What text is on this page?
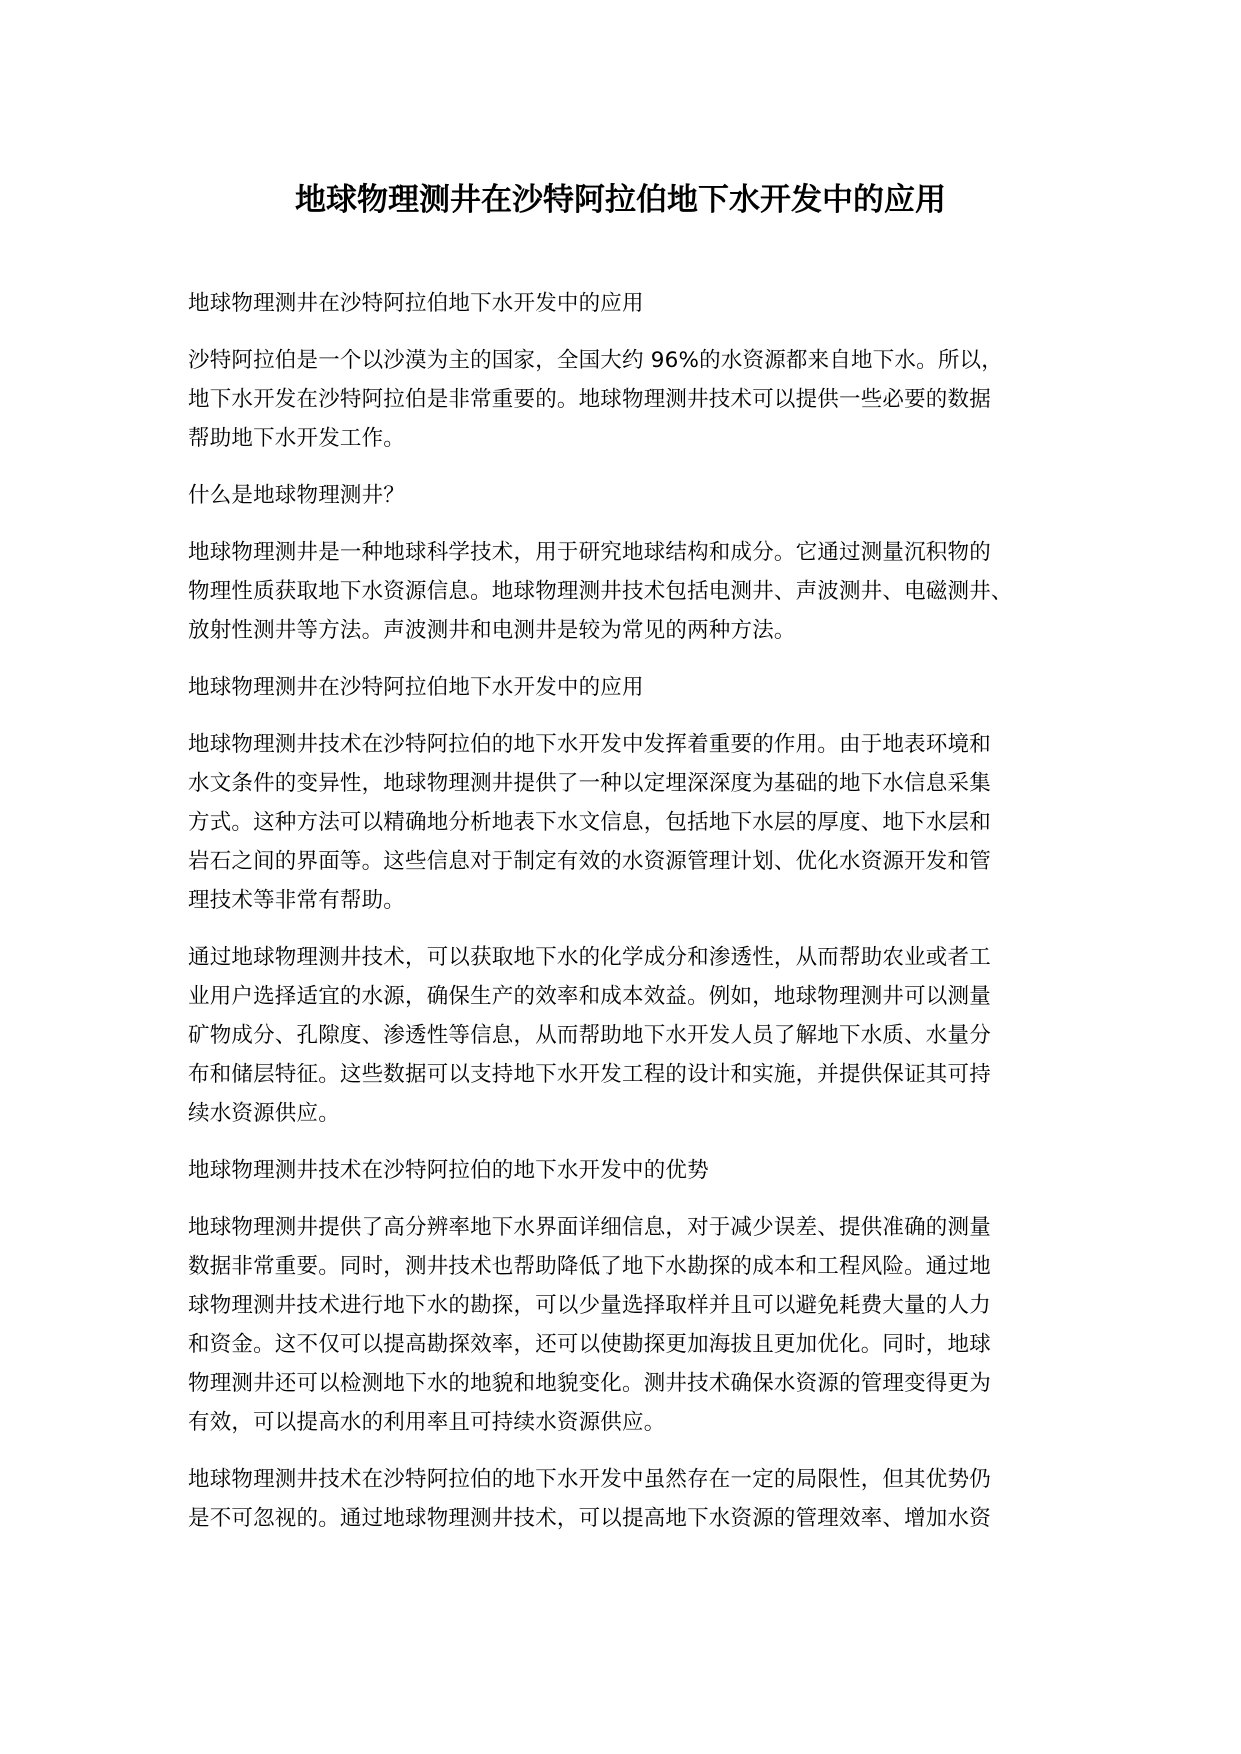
地球物理测井在沙特阿拉伯地下水开发中的应用

地球物理测井在沙特阿拉伯地下水开发中的应用

沙特阿拉伯是一个以沙漠为主的国家，全国大约 96%的水资源都来自地下水。所以，
地下水开发在沙特阿拉伯是非常重要的。地球物理测井技术可以提供一些必要的数据
帮助地下水开发工作。

什么是地球物理测井？

地球物理测井是一种地球科学技术，用于研究地球结构和成分。它通过测量沉积物的
物理性质获取地下水资源信息。地球物理测井技术包括电测井、声波测井、电磁测井、
放射性测井等方法。声波测井和电测井是较为常见的两种方法。

地球物理测井在沙特阿拉伯地下水开发中的应用

地球物理测井技术在沙特阿拉伯的地下水开发中发挥着重要的作用。由于地表环境和
水文条件的变异性，地球物理测井提供了一种以定埋深深度为基础的地下水信息采集
方式。这种方法可以精确地分析地表下水文信息，包括地下水层的厚度、地下水层和
岩石之间的界面等。这些信息对于制定有效的水资源管理计划、优化水资源开发和管
理技术等非常有帮助。

通过地球物理测井技术，可以获取地下水的化学成分和渗透性，从而帮助农业或者工
业用户选择适宜的水源，确保生产的效率和成本效益。例如，地球物理测井可以测量
矿物成分、孔隙度、渗透性等信息，从而帮助地下水开发人员了解地下水质、水量分
布和储层特征。这些数据可以支持地下水开发工程的设计和实施，并提供保证其可持
续水资源供应。

地球物理测井技术在沙特阿拉伯的地下水开发中的优势

地球物理测井提供了高分辨率地下水界面详细信息，对于减少误差、提供准确的测量
数据非常重要。同时，测井技术也帮助降低了地下水勘探的成本和工程风险。通过地
球物理测井技术进行地下水的勘探，可以少量选择取样并且可以避免耗费大量的人力
和资金。这不仅可以提高勘探效率，还可以使勘探更加海拔且更加优化。同时，地球
物理测井还可以检测地下水的地貌和地貌变化。测井技术确保水资源的管理变得更为
有效，可以提高水的利用率且可持续水资源供应。

地球物理测井技术在沙特阿拉伯的地下水开发中虽然存在一定的局限性，但其优势仍
是不可忽视的。通过地球物理测井技术，可以提高地下水资源的管理效率、增加水资
